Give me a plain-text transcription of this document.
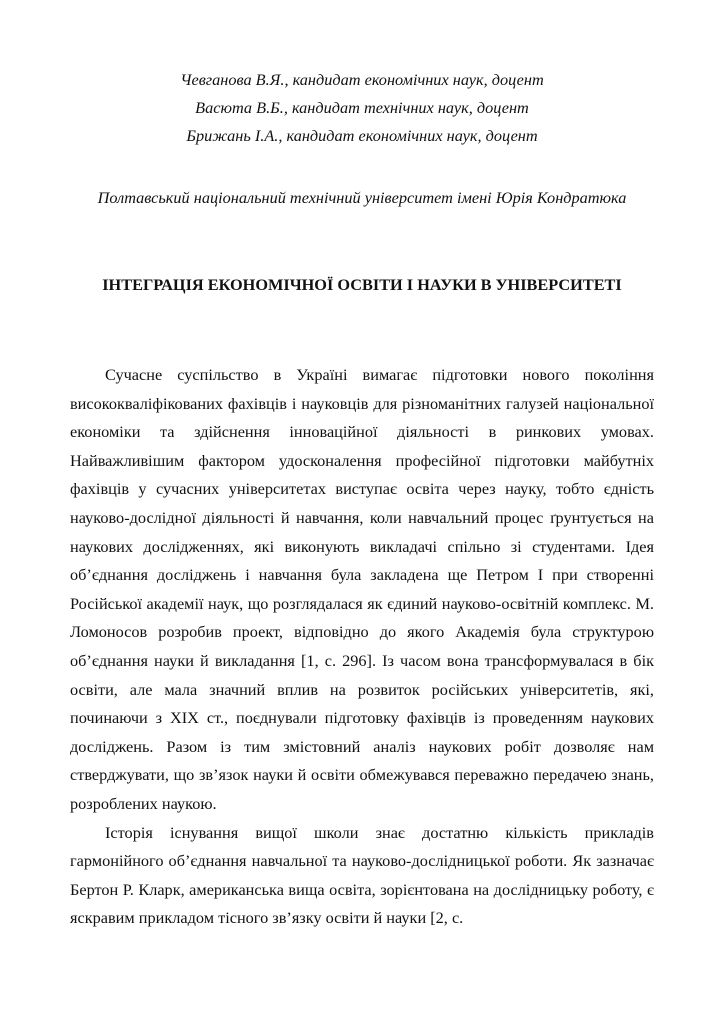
Чевганова В.Я., кандидат економічних наук, доцент
Васюта В.Б., кандидат технічних наук, доцент
Брижань І.А., кандидат економічних наук, доцент
Полтавський національний технічний університет імені Юрія Кондратюка
ІНТЕГРАЦІЯ ЕКОНОМІЧНОЇ ОСВІТИ І НАУКИ В УНІВЕРСИТЕТІ

Сучасне суспільство в Україні вимагає підготовки нового покоління висококваліфікованих фахівців і науковців для різноманітних галузей національної економіки та здійснення інноваційної діяльності в ринкових умовах. Найважливішим фактором удосконалення професійної підготовки майбутніх фахівців у сучасних університетах виступає освіта через науку, тобто єдність науково-дослідної діяльності й навчання, коли навчальний процес ґрунтується на наукових дослідженнях, які виконують викладачі спільно зі студентами. Ідея об’єднання досліджень і навчання була закладена ще Петром І при створенні Російської академії наук, що розглядалася як єдиний науково-освітній комплекс. М. Ломоносов розробив проект, відповідно до якого Академія була структурою об’єднання науки й викладання [1, с. 296]. Із часом вона трансформувалася в бік освіти, але мала значний вплив на розвиток російських університетів, які, починаючи з XIX ст., поєднували підготовку фахівців із проведенням наукових досліджень. Разом із тим змістовний аналіз наукових робіт дозволяє нам стверджувати, що зв’язок науки й освіти обмежувався переважно передачею знань, розроблених наукою.

Історія існування вищої школи знає достатню кількість прикладів гармонійного об’єднання навчальної та науково-дослідницької роботи. Як зазначає Бертон Р. Кларк, американська вища освіта, зорієнтована на дослідницьку роботу, є яскравим прикладом тісного зв’язку освіти й науки [2, с.
